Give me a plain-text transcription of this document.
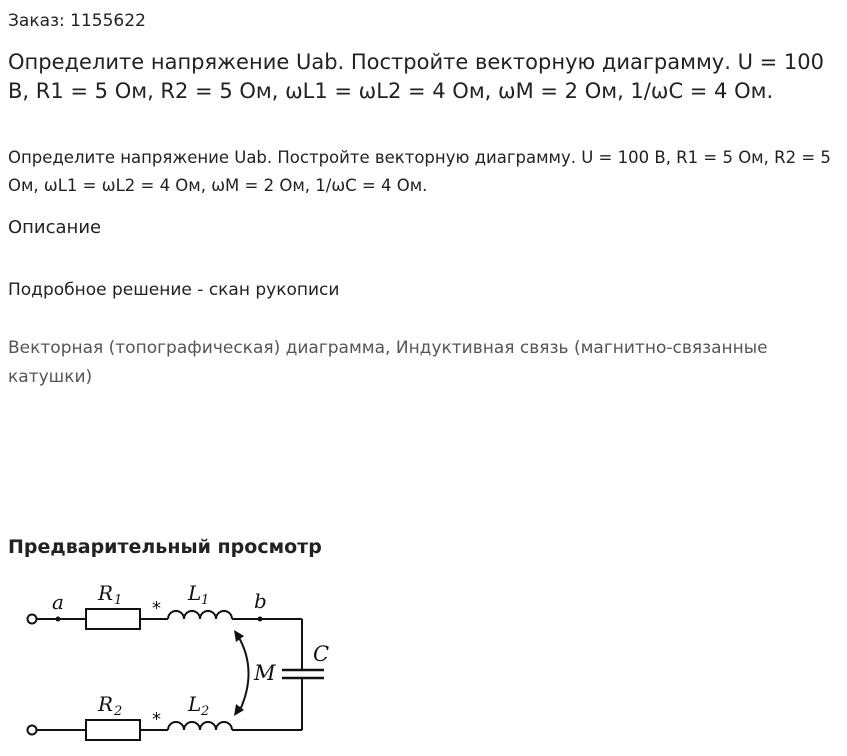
Заказ: 1155622
Определите напряжение Uab. Постройте векторную диаграмму. U = 100 В, R1 = 5 Ом, R2 = 5 Ом, ωL1 = ωL2 = 4 Ом, ωM = 2 Ом, 1/ωC = 4 Ом.

Определите напряжение Uab. Постройте векторную диаграмму. U = 100 В, R1 = 5 Ом, R2 = 5 Ом, ωL1 = ωL2 = 4 Ом, ωM = 2 Ом, 1/ωC = 4 Ом.

Описание
Подробное решение - скан рукописи
Векторная (топографическая) диаграмма, Индуктивная связь (магнитно-связанные катушки)
Предварительный просмотр
a	b
R 1 *
L 1
R 2 *
L 2
M
C
